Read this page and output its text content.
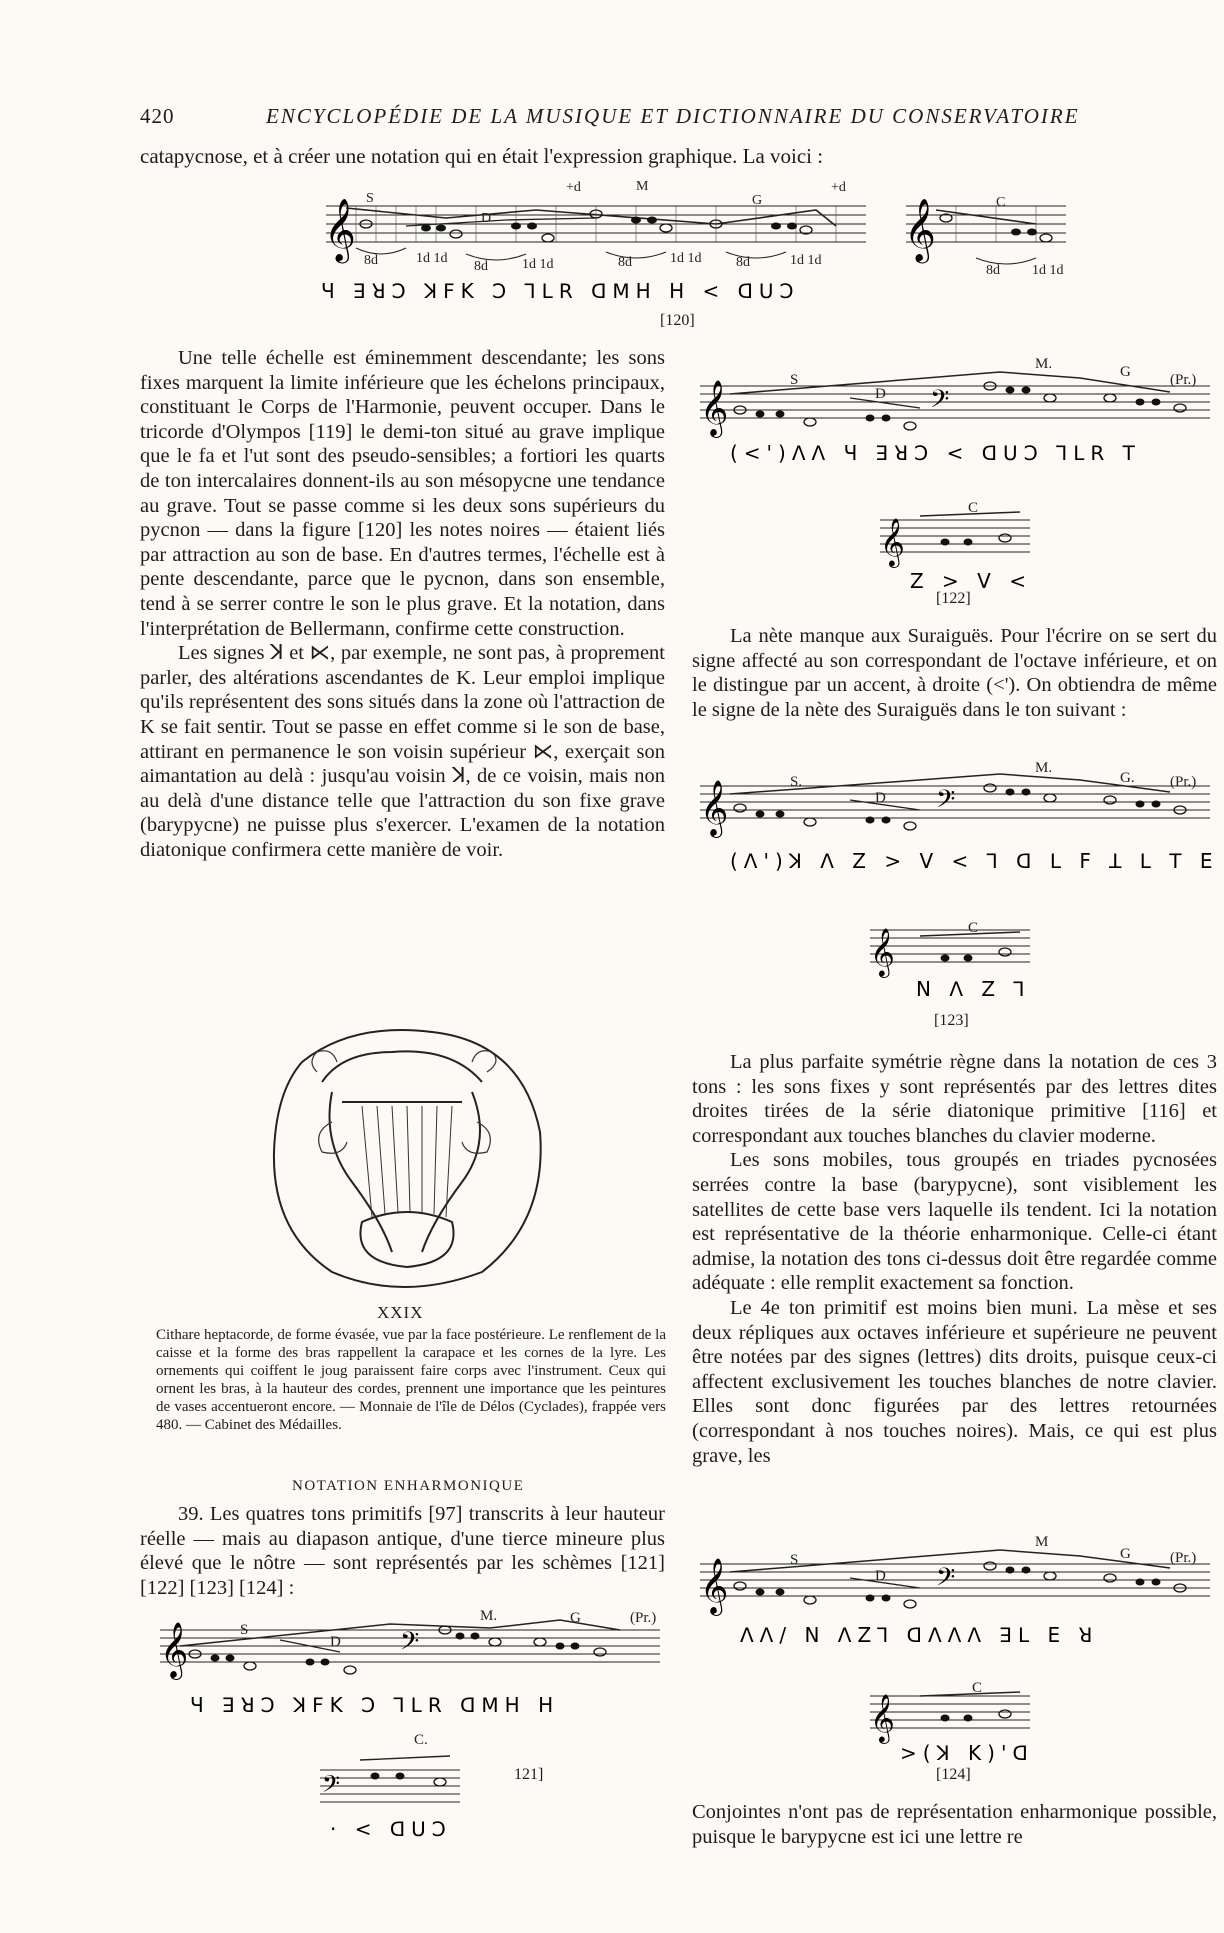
420	ENCYCLOPÉDIE DE LA MUSIQUE ET DICTIONNAIRE DU CONSERVATOIRE
catapycnose, et à créer une notation qui en était l'expression graphique. La voici :
𝄞	𝄞
S
D
+d	M
G
+d
C
8d	1d 1d
8d 1d 1d	8d	1d 1d 8d	1d 1d
8d 1d 1d
Ч ꓱꓤꓛ ꓘꓝK ꓛ ꓶꓡꓣ ꓷꓟH H < ꓷꓴꓛ
[120]

Une telle échelle est éminemment descendante; les sons fixes marquent la limite inférieure que les échelons principaux, constituant le Corps de l'Harmonie, peuvent occuper. Dans le tricorde d'Olympos [119] le demi-ton situé au grave implique que le fa et l'ut sont des pseudo-sensibles; a fortiori les quarts de ton intercalaires donnent-ils au son mésopycne une tendance au grave. Tout se passe comme si les deux sons supérieurs du pycnon — dans la figure [120] les notes noires — étaient liés par attraction au son de base. En d'autres termes, l'échelle est à pente descendante, parce que le pycnon, dans son ensemble, tend à se serrer contre le son le plus grave. Et la notation, dans l'interprétation de Bellermann, confirme cette construction.

Les signes ꓘ et ⋉, par exemple, ne sont pas, à proprement parler, des altérations ascendantes de K. Leur emploi implique qu'ils représentent des sons situés dans la zone où l'attraction de K se fait sentir. Tout se passe en effet comme si le son de base, attirant en permanence le son voisin supérieur ⋉, exerçait son aimantation au delà : jusqu'au voisin ꓘ, de ce voisin, mais non au delà d'une distance telle que l'attraction du son fixe grave (barypycne) ne puisse plus s'exercer. L'examen de la notation diatonique confirmera cette manière de voir.

XXIX
Cithare heptacorde, de forme évasée, vue par la face postérieure. Le renflement de la caisse et la forme des bras rappellent la carapace et les cornes de la lyre. Les ornements qui coiffent le joug paraissent faire corps avec l'instrument. Ceux qui ornent les bras, à la hauteur des cordes, prennent une importance que les peintures de vases accentueront encore. — Monnaie de l'île de Délos (Cyclades), frappée vers 480. — Cabinet des Médailles.
NOTATION ENHARMONIQUE

39. Les quatres tons primitifs [97] transcrits à leur hauteur réelle — mais au diapason antique, d'une tierce mineure plus élevé que le nôtre — sont représentés par les schèmes [121] [122] [123] [124] :

𝄞	𝄢
S
D
M.	G	(Pr.)
C.
Ч ꓱꓤꓛ ꓘꓝK ꓛ ꓶꓡꓣ ꓷꓟH H
𝄢
· < ꓷꓴꓛ
121]
𝄞	𝄢
S
D
M.	G	(Pr.)
C
(<')ꓥꓥ Ч ꓱꓤꓛ < ꓷꓴꓛ ꓶꓡꓣ ꓔ
𝄞
Z > V <
[122]

La nète manque aux Suraiguës. Pour l'écrire on se sert du signe affecté au son correspondant de l'octave inférieure, et on le distingue par un accent, à droite (<'). On obtiendra de même le signe de la nète des Suraiguës dans le ton suivant :

𝄞	𝄢
S.
D
M.
G. (Pr.)
C
(ꓥ')ꓘ ꓥ Z > V < ꓶ ꓷ ꓡ F ꓕ ꓡ ꓔ E
𝄞
N ꓥ Z ꓶ
[123]

La plus parfaite symétrie règne dans la notation de ces 3 tons : les sons fixes y sont représentés par des lettres dites droites tirées de la série diatonique primitive [116] et correspondant aux touches blanches du clavier moderne.

Les sons mobiles, tous groupés en triades pycnosées serrées contre la base (barypycne), sont visiblement les satellites de cette base vers laquelle ils tendent. Ici la notation est représentative de la théorie enharmonique. Celle-ci étant admise, la notation des tons ci-dessus doit être regardée comme adéquate : elle remplit exactement sa fonction.

Le 4e ton primitif est moins bien muni. La mèse et ses deux répliques aux octaves inférieure et supérieure ne peuvent être notées par des signes (lettres) dits droits, puisque ceux-ci affectent exclusivement les touches blanches de notre clavier. Elles sont donc figurées par des lettres retournées (correspondant à nos touches noires). Mais, ce qui est plus grave, les

𝄞	𝄢
S
D
M
G	(Pr.)
C
ꓥꓥ/ N ꓥZꓶ ꓷꓥꓥꓥ ꓱꓡ E ꓤ
𝄞
>(ꓘ K)'ꓷ
[124]

Conjointes n'ont pas de représentation enharmonique possible, puisque le barypycne est ici une lettre re
